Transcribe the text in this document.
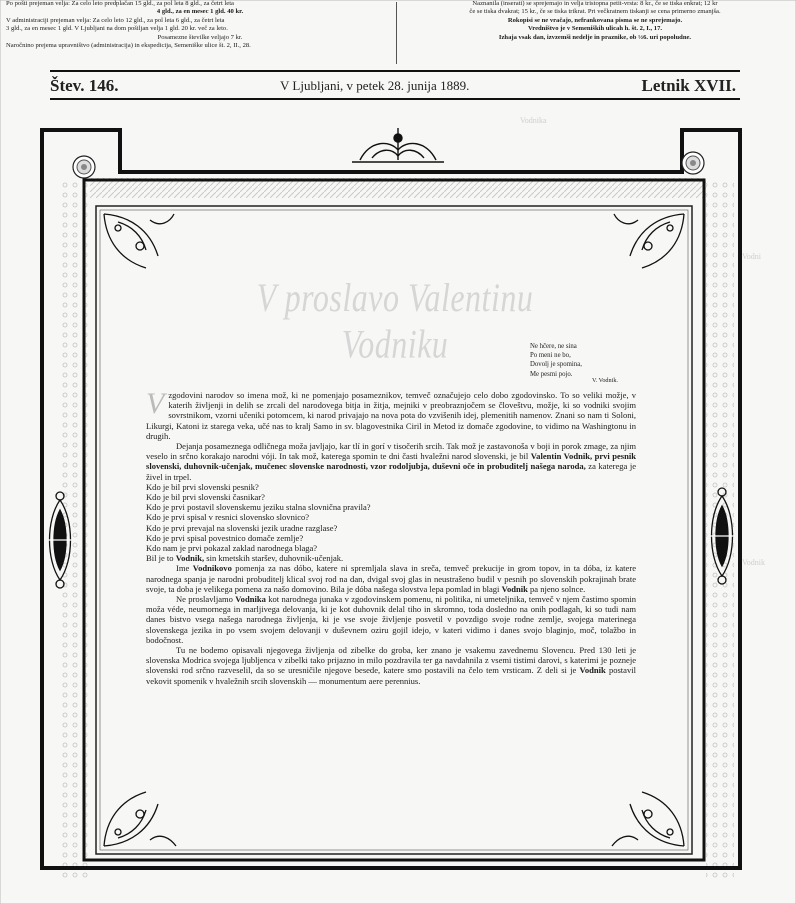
Po pošti prejeman velja: Za celo leto predplačan 15 gld., za pol leta 8 gld., za četrt leta
4 gld., za en mesec 1 gld. 40 kr.
V administraciji prejeman velja: Za celo leto 12 gld., za pol leta 6 gld., za četrt leta
3 gld., za en mesec 1 gld. V Ljubljani na dom pošiljan velja 1 gld. 20 kr. več za leto.
Posamezne številke veljajo 7 kr.
Naročnino prejema upravništvo (administracija) in ekspedicija, Semeniške ulice št. 2, II., 28.
Naznanila (inserati) se sprejemajo in velja tristopna petit-vrsta: 8 kr., če se tiska enkrat; 12 kr
če se tiska dvakrat; 15 kr., če se tiska trikrat. Pri večkratnem tiskanji se cena primerno zmanjša.
Rokopisi se ne vračajo, nefrankovana pisma se ne sprejemajo.
Vredništvo je v Semeniških ulicah h. št. 2, I., 17.
Izhaja vsak dan, izvzemši nedelje in praznike, ob ½6. uri popoludne.
Štev. 146.	V Ljubljani, v petek 28. junija 1889.	Letnik XVII.
Vodnika
Vodni
Vodnik
V proslavo Valentinu Vodniku	Ne hčere, ne sina
Po meni ne bo,
Dovolj je spomina,
Me pesmi pojo.
V. Vodnik.

Vzgodovini narodov so imena mož, ki ne pomenjajo posameznikov, temveč označujejo celo dobo zgodovinsko. To so veliki možje, v katerih življenji in delih se zrcali del narodovega bitja in žitja, mejniki v preobraznjočem se človeštvu, možje, ki so vodniki svojim sovrstnikom, vzorni učeniki potomcem, ki narod privajajo na nova pota do vzvišenih idej, plemenitih namenov. Znani so nam ti Soloni, Likurgi, Katoni iz starega veka, učé nas to kralj Samo in sv. blagovestnika Ciril in Metod iz domače zgodovine, to vidimo na Washingtonu in drugih.

Dejanja posameznega odličnega moža javljajo, kar tlí in gorí v tisočerih srcih. Tak mož je zastavonoša v boji in porok zmage, za njim veselo in srčno korakajo narodni vóji. In tak mož, katerega spomin te dni časti hvaležni narod slovenski, je bil Valentin Vodnik, prvi pesnik slovenski, duhovnik-učenjak, mučenec slovenske narodnosti, vzor rodoljubja, duševni oče in probuditelj našega naroda, za katerega je živel in trpel.

Kdo je bil prvi slovenski pesnik?

Kdo je bil prvi slovenski časnikar?

Kdo je prvi postavil slovenskemu jeziku stalna slovnična pravila?

Kdo je prvi spisal v resnici slovensko slovnico?

Kdo je prvi prevajal na slovenski jezik uradne razglase?

Kdo je prvi spisal povestnico domače zemlje?

Kdo nam je prvi pokazal zaklad narodnega blaga?

Bil je to Vodnik, sin kmetskih staršev, duhovnik-učenjak.

Ime Vodnikovo pomenja za nas dóbo, katere ni spremljala slava in sreča, temveč prekucije in grom topov, in ta dóba, iz katere narodnega spanja je narodni probuditelj klical svoj rod na dan, dvigal svoj glas in neustrašeno budil v pesnih po slovenskih pokrajinah brate svoje, ta doba je velikega pomena za našo domovino. Bila je dóba našega slovstva lepa pomlad in blagi Vodnik pa njeno solnce.

Ne proslavljamo Vodnika kot narodnega junaka v zgodovinskem pomenu, ni politika, ni umeteljnika, temveč v njem častimo spomin moža véde, neumornega in marljivega delovanja, ki je kot duhovnik delal tiho in skromno, toda dosledno na onih podlagah, ki so tudi nam danes bistvo vsega našega narodnega življenja, ki je vse svoje življenje posvetil v povzdigo svoje rodne zemlje, svojega materinega slovenskega jezika in po vsem svojem delovanji v duševnem oziru gojil idejo, v kateri vidimo i danes svojo blaginjo, moč, tolažbo in bodočnost.

Tu ne bodemo opisavali njegovega življenja od zibelke do groba, ker znano je vsakemu zavednemu Slovencu. Pred 130 leti je slovenska Modrica svojega ljubljenca v zibelki tako prijazno in milo pozdravila ter ga navdahnila z vsemi tistimi darovi, s katerimi je pozneje slovenski rod srčno razveselil, da so se uresničile njegove besede, katere smo postavili na čelo tem vrsticam. Z deli si je Vodnik postavil vekovit spomenik v hvaležnih srcih slovenskih — monumentum aere perennius.
